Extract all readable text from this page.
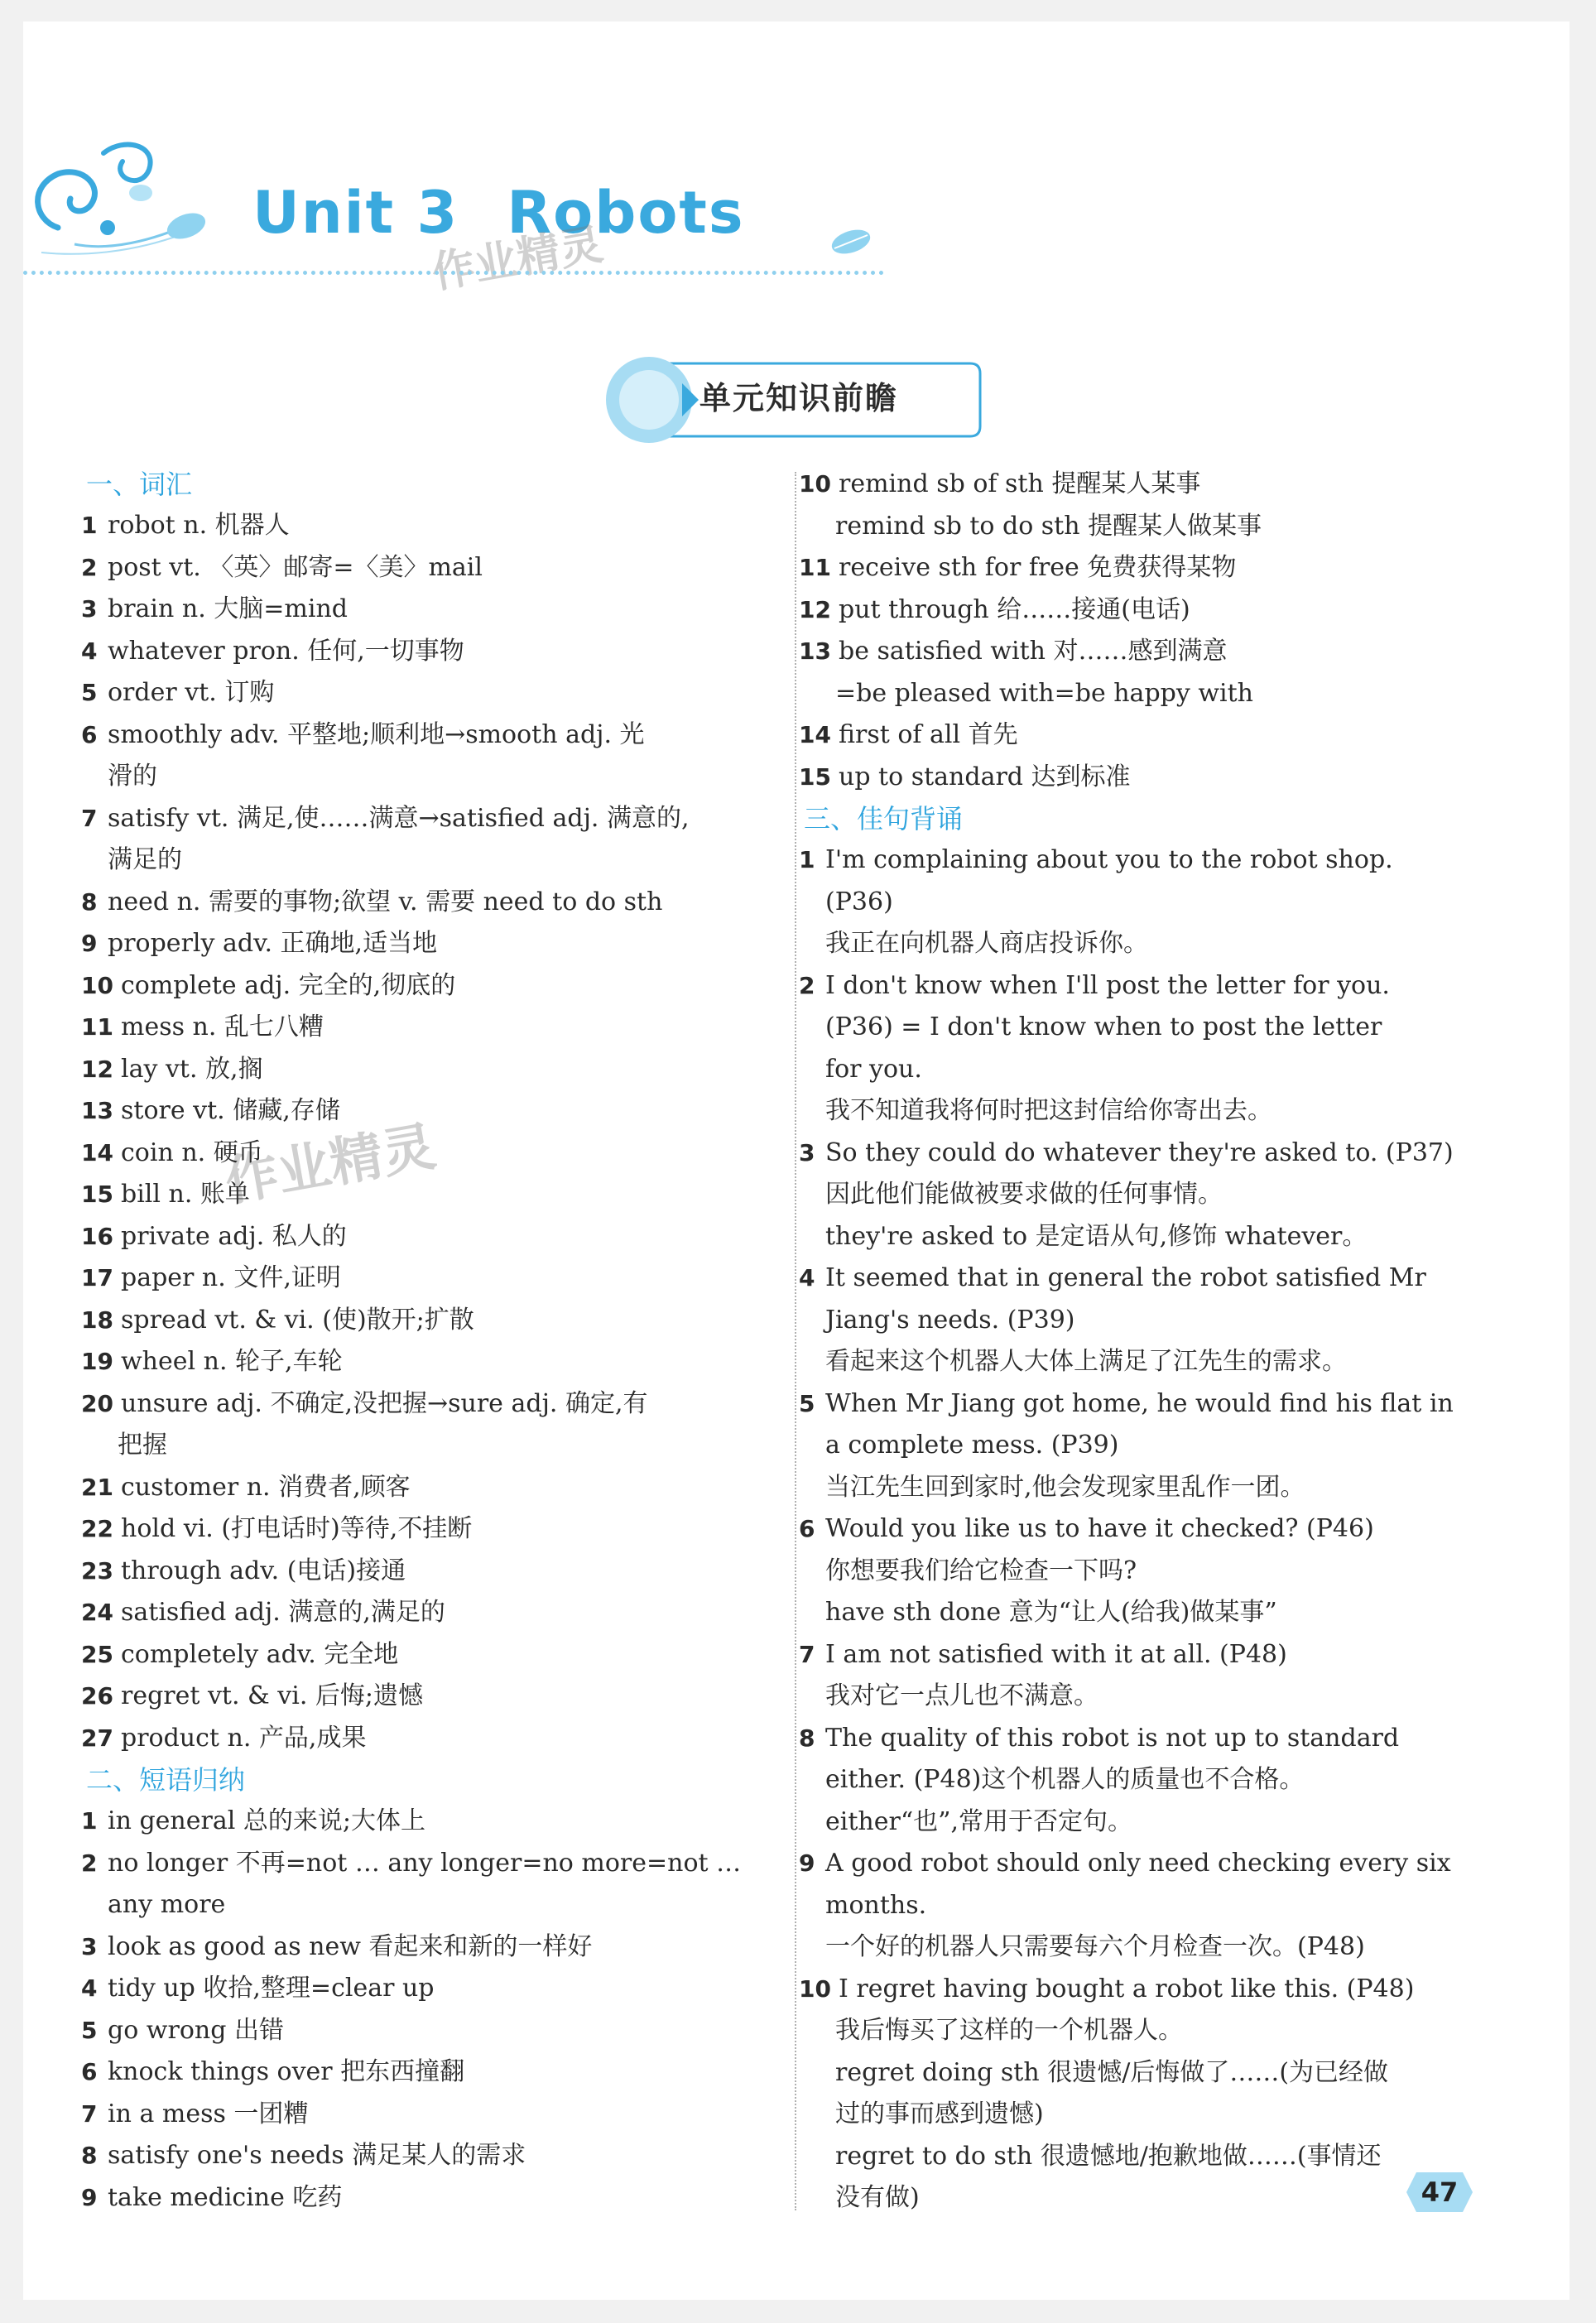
Unit 3 Robots
作业精灵
单元知识前瞻
作业精灵
一、词汇
1 robot n. 机器人
2 post vt. 〈英〉邮寄=〈美〉mail
3 brain n. 大脑=mind
4 whatever pron. 任何,一切事物
5 order vt. 订购
6 smoothly adv. 平整地;顺利地→smooth adj. 光
滑的
7 satisfy vt. 满足,使……满意→satisfied adj. 满意的,
满足的
8 need n. 需要的事物;欲望 v. 需要 need to do sth
9 properly adv. 正确地,适当地
10 complete adj. 完全的,彻底的
11 mess n. 乱七八糟
12 lay vt. 放,搁
13 store vt. 储藏,存储
14 coin n. 硬币
15 bill n. 账单
16 private adj. 私人的
17 paper n. 文件,证明
18 spread vt. & vi. (使)散开;扩散
19 wheel n. 轮子,车轮
20 unsure adj. 不确定,没把握→sure adj. 确定,有
把握
21 customer n. 消费者,顾客
22 hold vi. (打电话时)等待,不挂断
23 through adv. (电话)接通
24 satisfied adj. 满意的,满足的
25 completely adv. 完全地
26 regret vt. & vi. 后悔;遗憾
27 product n. 产品,成果
二、短语归纳
1 in general 总的来说;大体上
2 no longer 不再=not … any longer=no more=not …
any more
3 look as good as new 看起来和新的一样好
4 tidy up 收拾,整理=clear up
5 go wrong 出错
6 knock things over 把东西撞翻
7 in a mess 一团糟
8 satisfy one's needs 满足某人的需求
9 take medicine 吃药
10 remind sb of sth 提醒某人某事
remind sb to do sth 提醒某人做某事
11 receive sth for free 免费获得某物
12 put through 给……接通(电话)
13 be satisfied with 对……感到满意
=be pleased with=be happy with
14 first of all 首先
15 up to standard 达到标准
三、佳句背诵
1 I'm complaining about you to the robot shop.
(P36)
我正在向机器人商店投诉你。
2 I don't know when I'll post the letter for you.
(P36) = I don't know when to post the letter
for you.
我不知道我将何时把这封信给你寄出去。
3 So they could do whatever they're asked to. (P37)
因此他们能做被要求做的任何事情。
they're asked to 是定语从句,修饰 whatever。
4 It seemed that in general the robot satisfied Mr
Jiang's needs. (P39)
看起来这个机器人大体上满足了江先生的需求。
5 When Mr Jiang got home, he would find his flat in
a complete mess. (P39)
当江先生回到家时,他会发现家里乱作一团。
6 Would you like us to have it checked? (P46)
你想要我们给它检查一下吗?
have sth done 意为“让人(给我)做某事”
7 I am not satisfied with it at all. (P48)
我对它一点儿也不满意。
8 The quality of this robot is not up to standard
either. (P48)这个机器人的质量也不合格。
either“也”,常用于否定句。
9 A good robot should only need checking every six
months.
一个好的机器人只需要每六个月检查一次。(P48)
10 I regret having bought a robot like this. (P48)
我后悔买了这样的一个机器人。
regret doing sth 很遗憾/后悔做了……(为已经做
过的事而感到遗憾)
regret to do sth 很遗憾地/抱歉地做……(事情还
没有做)	47
